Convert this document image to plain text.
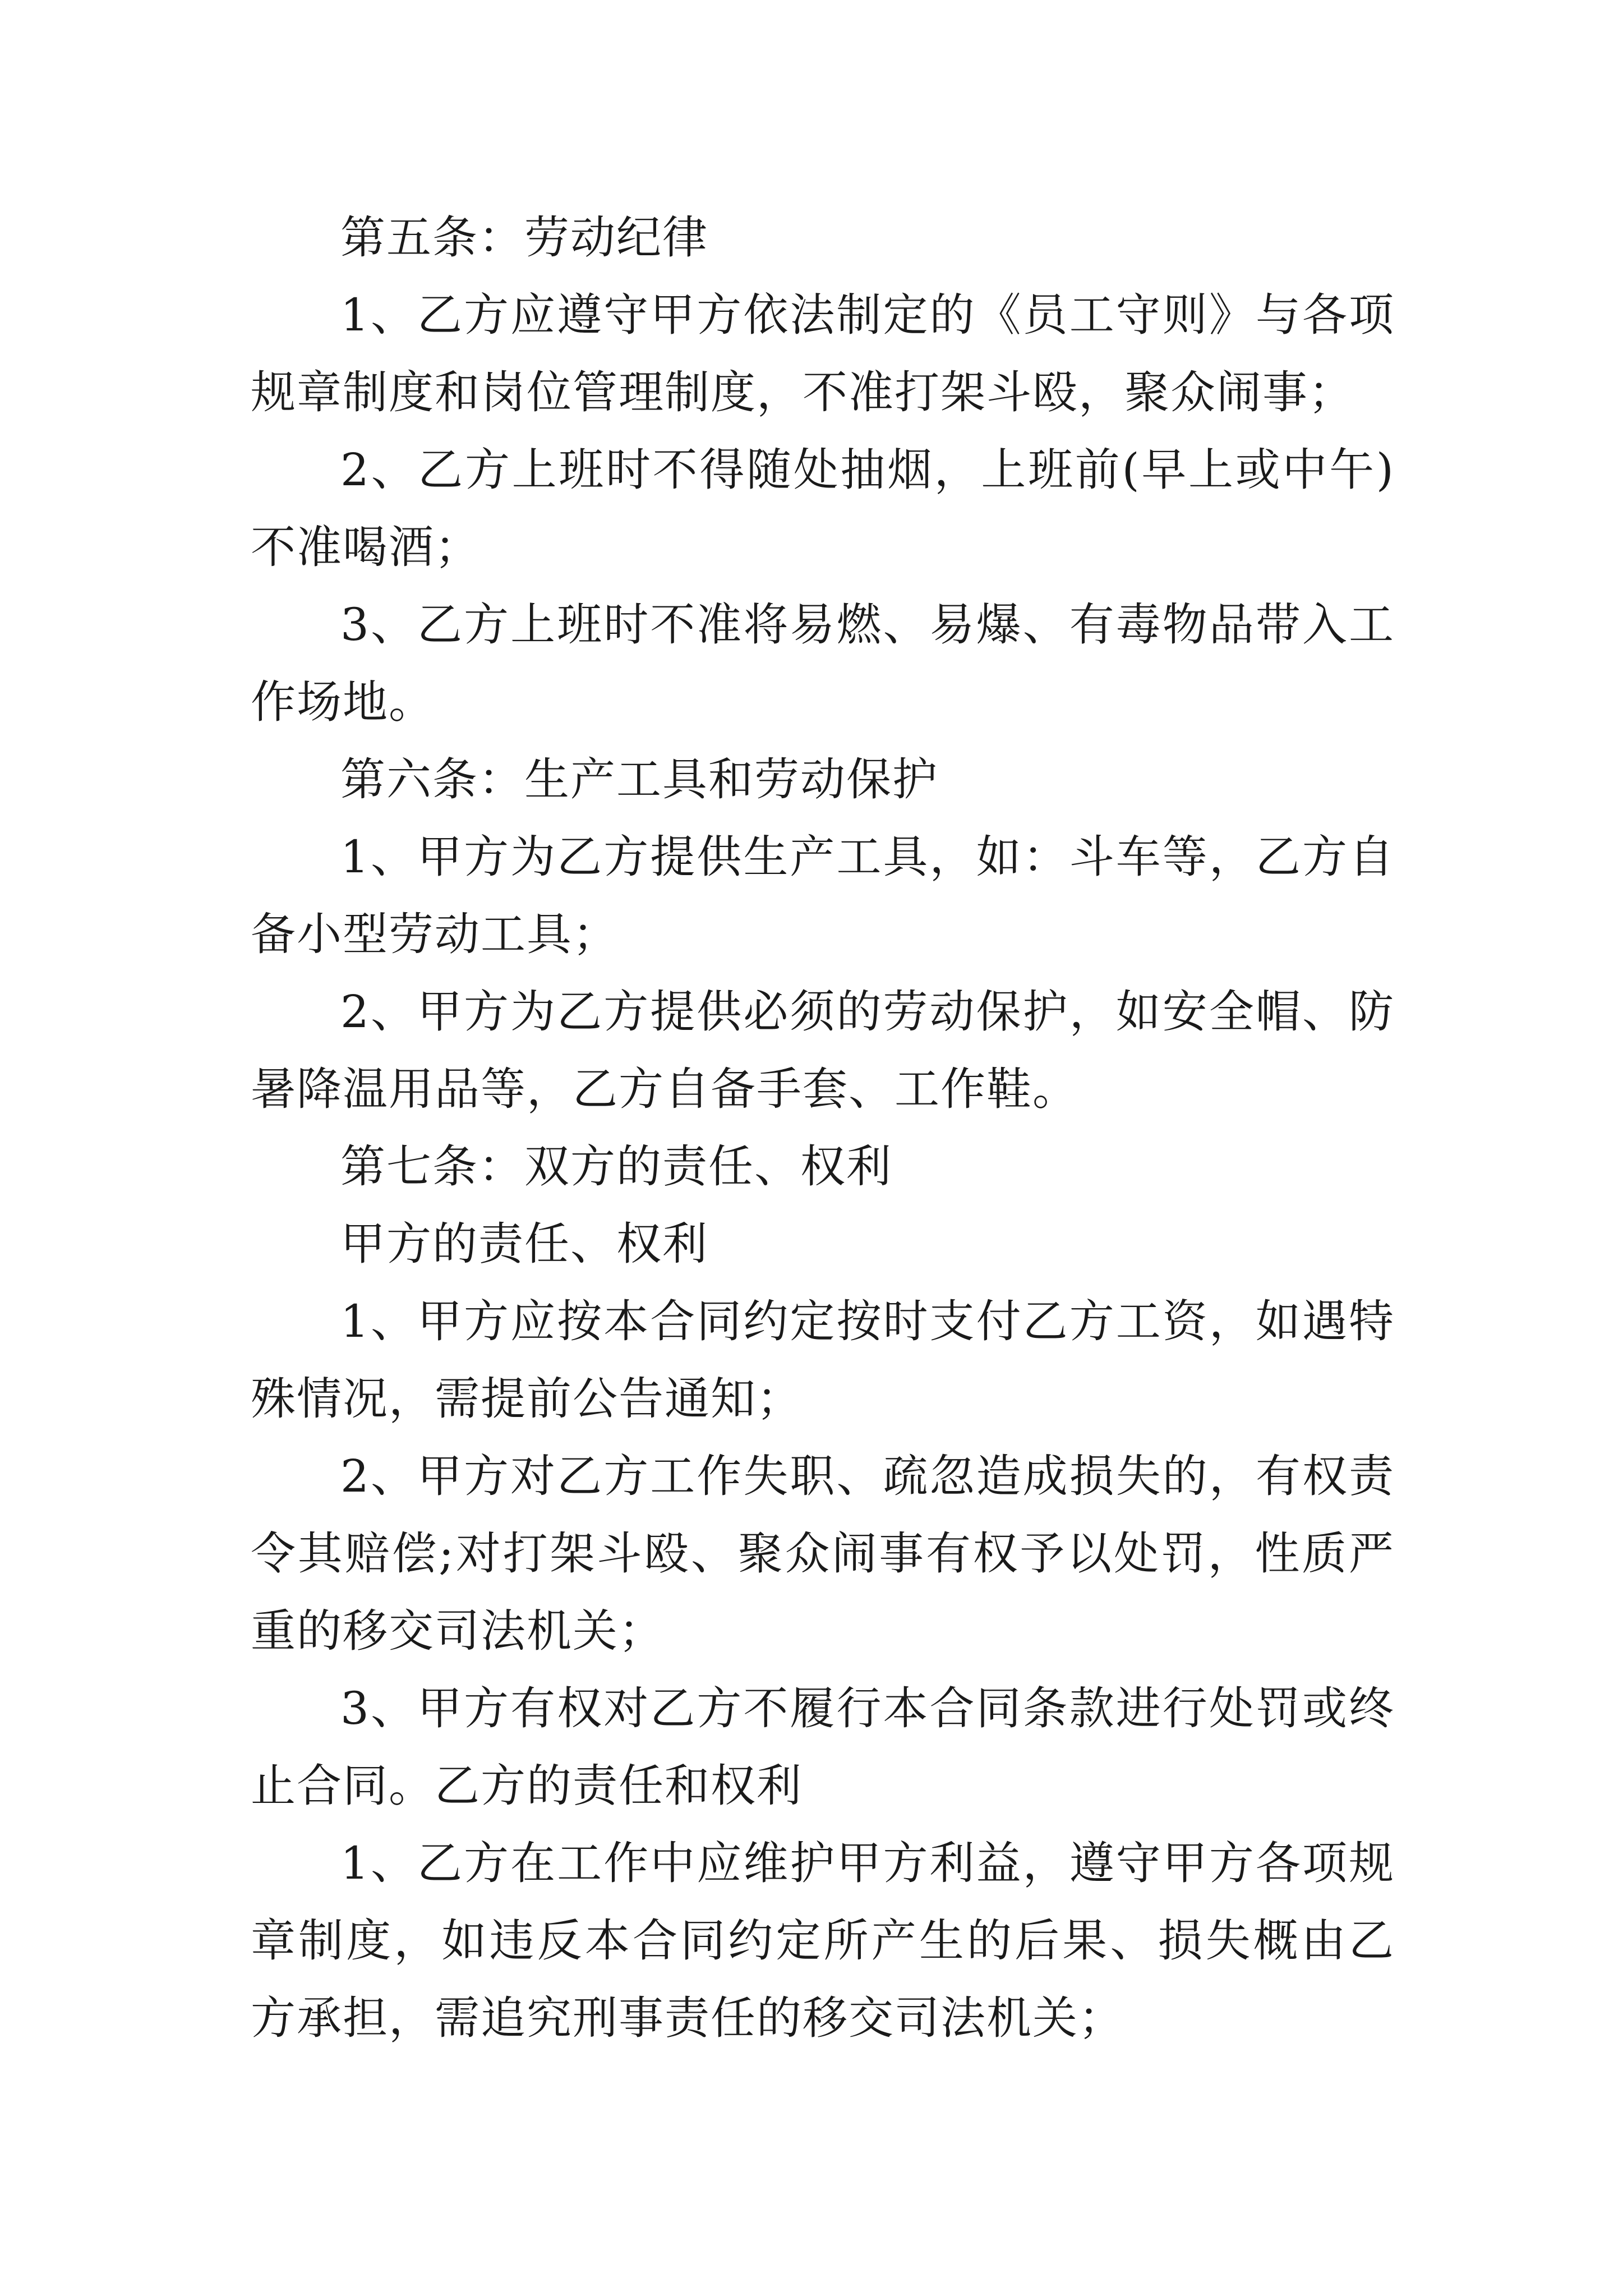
第五条：劳动纪律

1、乙方应遵守甲方依法制定的《员工守则》与各项规章制度和岗位管理制度，不准打架斗殴，聚众闹事；

2、乙方上班时不得随处抽烟，上班前(早上或中午)不准喝酒；

3、乙方上班时不准将易燃、易爆、有毒物品带入工作场地。

第六条：生产工具和劳动保护

1、甲方为乙方提供生产工具，如：斗车等，乙方自备小型劳动工具；

2、甲方为乙方提供必须的劳动保护，如安全帽、防暑降温用品等，乙方自备手套、工作鞋。

第七条：双方的责任、权利

甲方的责任、权利

1、甲方应按本合同约定按时支付乙方工资，如遇特殊情况，需提前公告通知；

2、甲方对乙方工作失职、疏忽造成损失的，有权责令其赔偿;对打架斗殴、聚众闹事有权予以处罚，性质严重的移交司法机关；

3、甲方有权对乙方不履行本合同条款进行处罚或终止合同。乙方的责任和权利

1、乙方在工作中应维护甲方利益，遵守甲方各项规章制度，如违反本合同约定所产生的后果、损失概由乙方承担，需追究刑事责任的移交司法机关；
